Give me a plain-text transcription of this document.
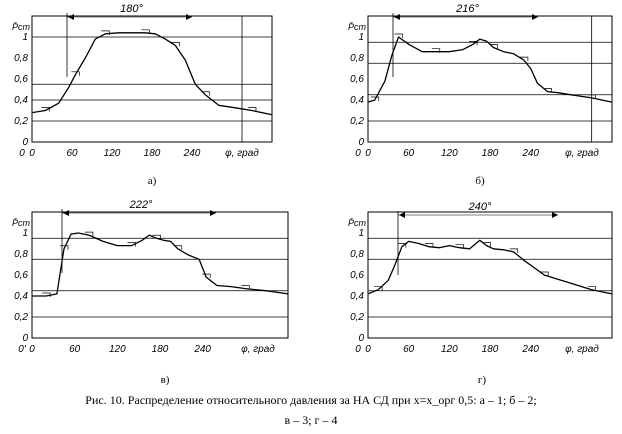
180°
P̄ст
0
0,2
0,4
0,6
0,8
1
0 0	60	120 180 240 φ, град
а)
216°
P̄ст
0
0,2
0,4
0,6
0,8
1
0 0	60	120 180 240	φ, град
б)
222°
P̄ст
0
0,2
0,4
0,6
0,8
1
0' 0	60	120	180	240	φ, град
в)
240°
P̄ст
0
0,2
0,4
0,6
0,8
1
0 0	60	120 180 240	φ, град
г)
Рис. 10. Распределение относительного давления за НА СД при x=x_орг 0,5: а – 1; б – 2;
в – 3; г – 4
